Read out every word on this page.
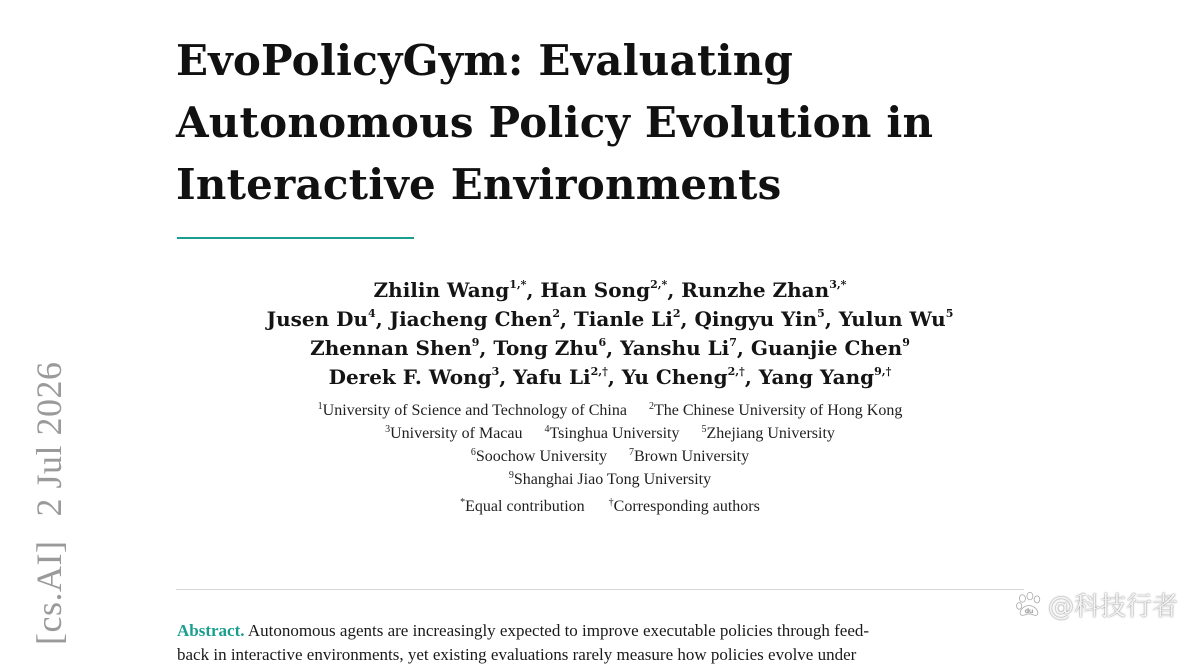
[cs.AI]2 Jul 2026
EvoPolicyGym: Evaluating
Autonomous Policy Evolution in
Interactive Environments
Zhilin Wang$^{1,*}$, Han Song$^{2,*}$, Runzhe Zhan$^{3,*}$
Jusen Du$^4$, Jiacheng Chen$^2$, Tianle Li$^2$, Qingyu Yin$^5$, Yulun Wu$^5$
Zhennan Shen$^9$, Tong Zhu$^6$, Yanshu Li$^7$, Guanjie Chen$^9$
Derek F. Wong$^3$, Yafu $Li^{2,\dagger}$, Yu Cheng$^{2,\dagger}$, Yang Yang$^{9,\dagger}$
$^1$University of Science and Technology of China $^2$The Chinese University of Hong Kong
$^3$University of Macau $^4$Tsinghua University $^5$Zhejiang University
$^6$Soochow University $^7$Brown University
$^9$Shanghai Jiao Tong University
*Equal contribution †Corresponding authors
Abstract. Autonomous agents are increasingly expected to improve executable policies through feed-
back in interactive environments, yet existing evaluations rarely measure how policies evolve under
du @科技行者
